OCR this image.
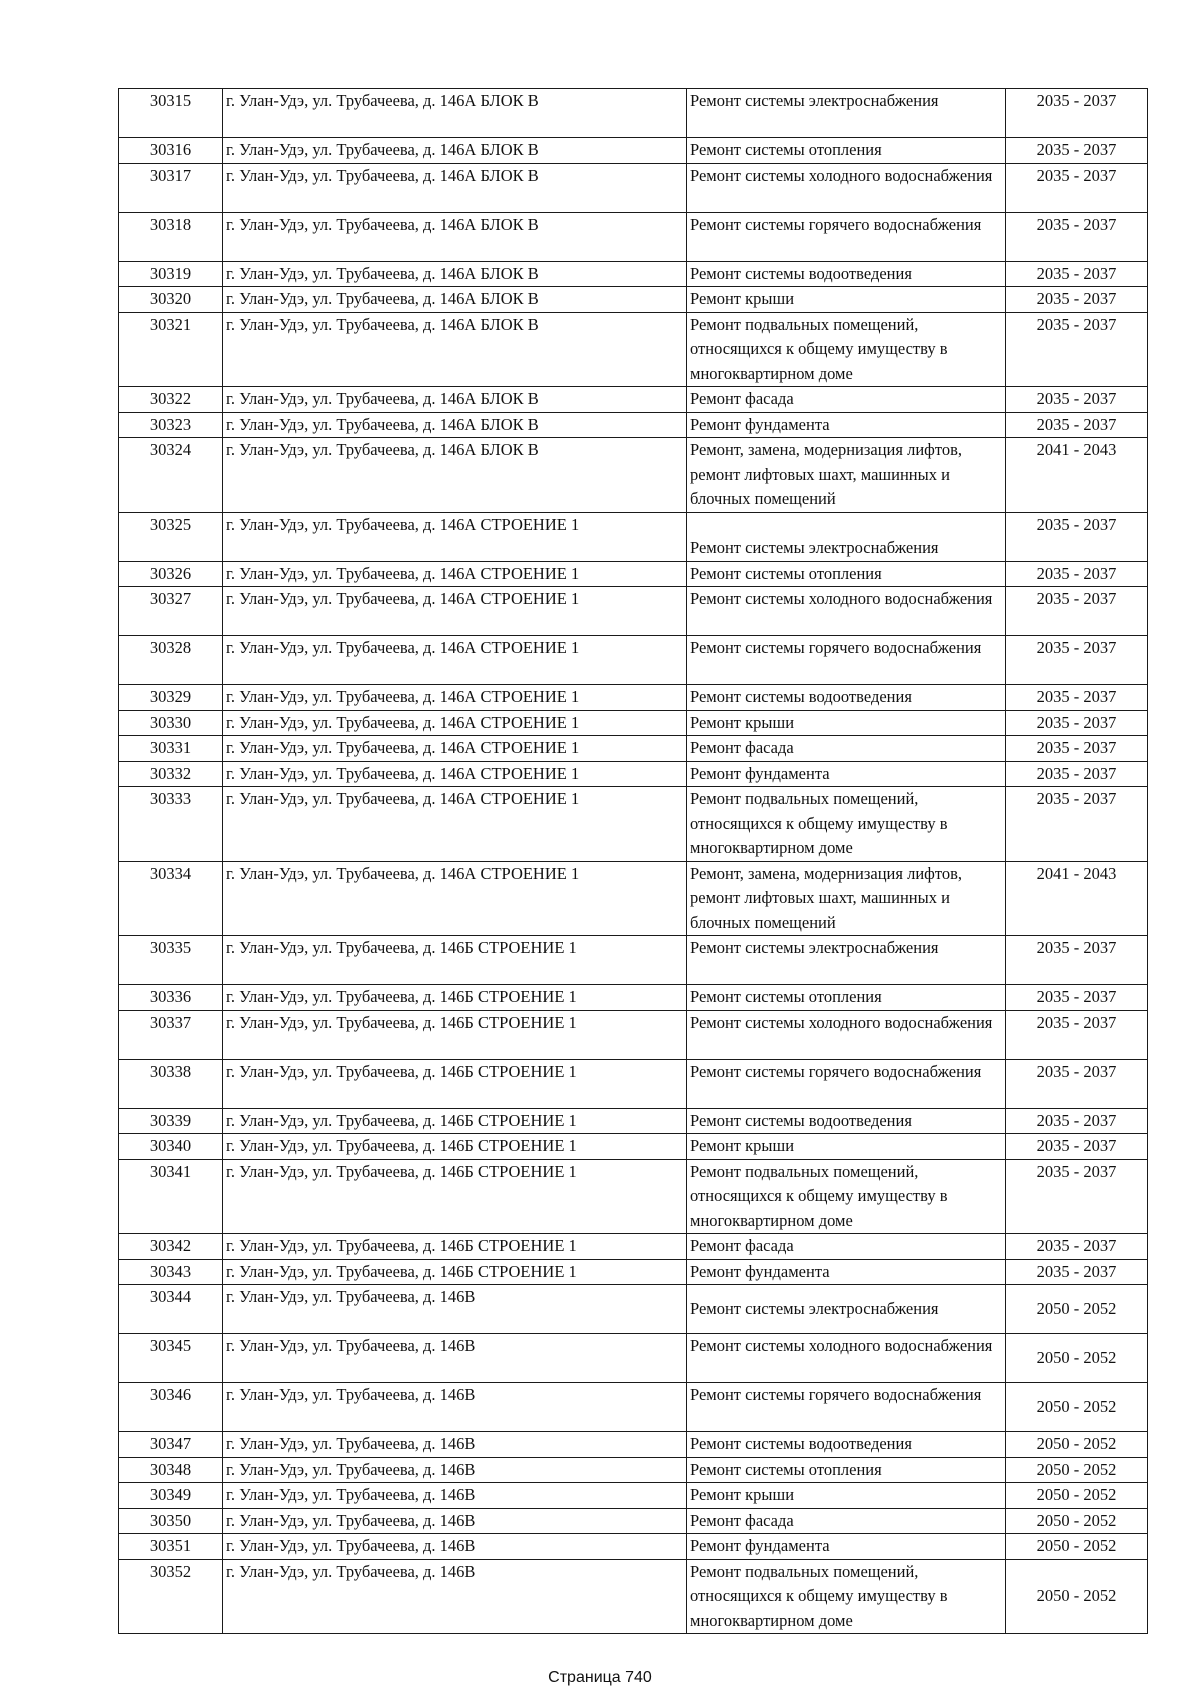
30315	г. Улан-Удэ, ул. Трубачеева, д. 146А БЛОК В	Ремонт системы электроснабжения	2035 - 2037
30316	г. Улан-Удэ, ул. Трубачеева, д. 146А БЛОК В	Ремонт системы отопления	2035 - 2037
30317	г. Улан-Удэ, ул. Трубачеева, д. 146А БЛОК В	Ремонт системы холодного водоснабжения	2035 - 2037
30318	г. Улан-Удэ, ул. Трубачеева, д. 146А БЛОК В	Ремонт системы горячего водоснабжения	2035 - 2037
30319	г. Улан-Удэ, ул. Трубачеева, д. 146А БЛОК В	Ремонт системы водоотведения	2035 - 2037
30320	г. Улан-Удэ, ул. Трубачеева, д. 146А БЛОК В	Ремонт крыши	2035 - 2037
30321	г. Улан-Удэ, ул. Трубачеева, д. 146А БЛОК В	Ремонт подвальных помещений, относящихся к общему имуществу в многоквартирном доме	2035 - 2037
30322	г. Улан-Удэ, ул. Трубачеева, д. 146А БЛОК В	Ремонт фасада	2035 - 2037
30323	г. Улан-Удэ, ул. Трубачеева, д. 146А БЛОК В	Ремонт фундамента	2035 - 2037
30324	г. Улан-Удэ, ул. Трубачеева, д. 146А БЛОК В	Ремонт, замена, модернизация лифтов, ремонт лифтовых шахт, машинных и блочных помещений	2041 - 2043
30325	г. Улан-Удэ, ул. Трубачеева, д. 146А СТРОЕНИЕ 1	Ремонт системы электроснабжения	2035 - 2037
30326	г. Улан-Удэ, ул. Трубачеева, д. 146А СТРОЕНИЕ 1	Ремонт системы отопления	2035 - 2037
30327	г. Улан-Удэ, ул. Трубачеева, д. 146А СТРОЕНИЕ 1	Ремонт системы холодного водоснабжения	2035 - 2037
30328	г. Улан-Удэ, ул. Трубачеева, д. 146А СТРОЕНИЕ 1	Ремонт системы горячего водоснабжения	2035 - 2037
30329	г. Улан-Удэ, ул. Трубачеева, д. 146А СТРОЕНИЕ 1	Ремонт системы водоотведения	2035 - 2037
30330	г. Улан-Удэ, ул. Трубачеева, д. 146А СТРОЕНИЕ 1	Ремонт крыши	2035 - 2037
30331	г. Улан-Удэ, ул. Трубачеева, д. 146А СТРОЕНИЕ 1	Ремонт фасада	2035 - 2037
30332	г. Улан-Удэ, ул. Трубачеева, д. 146А СТРОЕНИЕ 1	Ремонт фундамента	2035 - 2037
30333	г. Улан-Удэ, ул. Трубачеева, д. 146А СТРОЕНИЕ 1	Ремонт подвальных помещений, относящихся к общему имуществу в многоквартирном доме	2035 - 2037
30334	г. Улан-Удэ, ул. Трубачеева, д. 146А СТРОЕНИЕ 1	Ремонт, замена, модернизация лифтов, ремонт лифтовых шахт, машинных и блочных помещений	2041 - 2043
30335	г. Улан-Удэ, ул. Трубачеева, д. 146Б СТРОЕНИЕ 1	Ремонт системы электроснабжения	2035 - 2037
30336	г. Улан-Удэ, ул. Трубачеева, д. 146Б СТРОЕНИЕ 1	Ремонт системы отопления	2035 - 2037
30337	г. Улан-Удэ, ул. Трубачеева, д. 146Б СТРОЕНИЕ 1	Ремонт системы холодного водоснабжения	2035 - 2037
30338	г. Улан-Удэ, ул. Трубачеева, д. 146Б СТРОЕНИЕ 1	Ремонт системы горячего водоснабжения	2035 - 2037
30339	г. Улан-Удэ, ул. Трубачеева, д. 146Б СТРОЕНИЕ 1	Ремонт системы водоотведения	2035 - 2037
30340	г. Улан-Удэ, ул. Трубачеева, д. 146Б СТРОЕНИЕ 1	Ремонт крыши	2035 - 2037
30341	г. Улан-Удэ, ул. Трубачеева, д. 146Б СТРОЕНИЕ 1	Ремонт подвальных помещений, относящихся к общему имуществу в многоквартирном доме	2035 - 2037
30342	г. Улан-Удэ, ул. Трубачеева, д. 146Б СТРОЕНИЕ 1	Ремонт фасада	2035 - 2037
30343	г. Улан-Удэ, ул. Трубачеева, д. 146Б СТРОЕНИЕ 1	Ремонт фундамента	2035 - 2037
30344	г. Улан-Удэ, ул. Трубачеева, д. 146В	Ремонт системы электроснабжения	2050 - 2052
30345	г. Улан-Удэ, ул. Трубачеева, д. 146В	Ремонт системы холодного водоснабжения	2050 - 2052
30346	г. Улан-Удэ, ул. Трубачеева, д. 146В	Ремонт системы горячего водоснабжения	2050 - 2052
30347	г. Улан-Удэ, ул. Трубачеева, д. 146В	Ремонт системы водоотведения	2050 - 2052
30348	г. Улан-Удэ, ул. Трубачеева, д. 146В	Ремонт системы отопления	2050 - 2052
30349	г. Улан-Удэ, ул. Трубачеева, д. 146В	Ремонт крыши	2050 - 2052
30350	г. Улан-Удэ, ул. Трубачеева, д. 146В	Ремонт фасада	2050 - 2052
30351	г. Улан-Удэ, ул. Трубачеева, д. 146В	Ремонт фундамента	2050 - 2052
30352	г. Улан-Удэ, ул. Трубачеева, д. 146В	Ремонт подвальных помещений, относящихся к общему имуществу в многоквартирном доме	2050 - 2052
Страница 740
